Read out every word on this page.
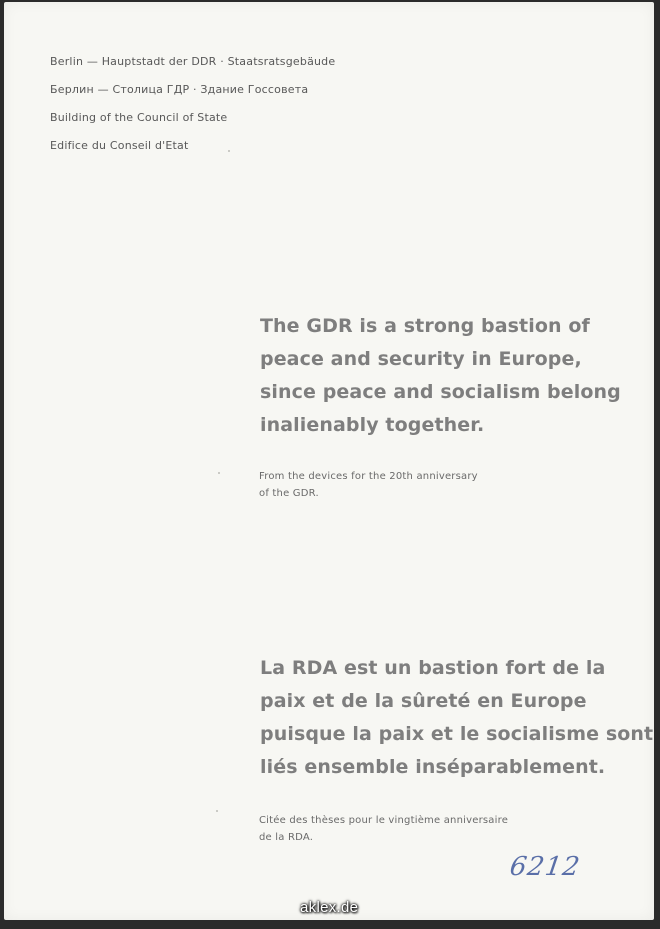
Berlin — Hauptstadt der DDR · Staatsratsgebäude
Берлин — Столица ГДР · Здание Госсовета
Building of the Council of State
Edifice du Conseil d'Etat
The GDR is a strong bastion of
peace and security in Europe,
since peace and socialism belong
inalienably together.
From the devices for the 20th anniversary
of the GDR.
La RDA est un bastion fort de la
paix et de la sûreté en Europe
puisque la paix et le socialisme sont
liés ensemble inséparablement.
Citée des thèses pour le vingtième anniversaire
de la RDA.
6212
aklex.de
